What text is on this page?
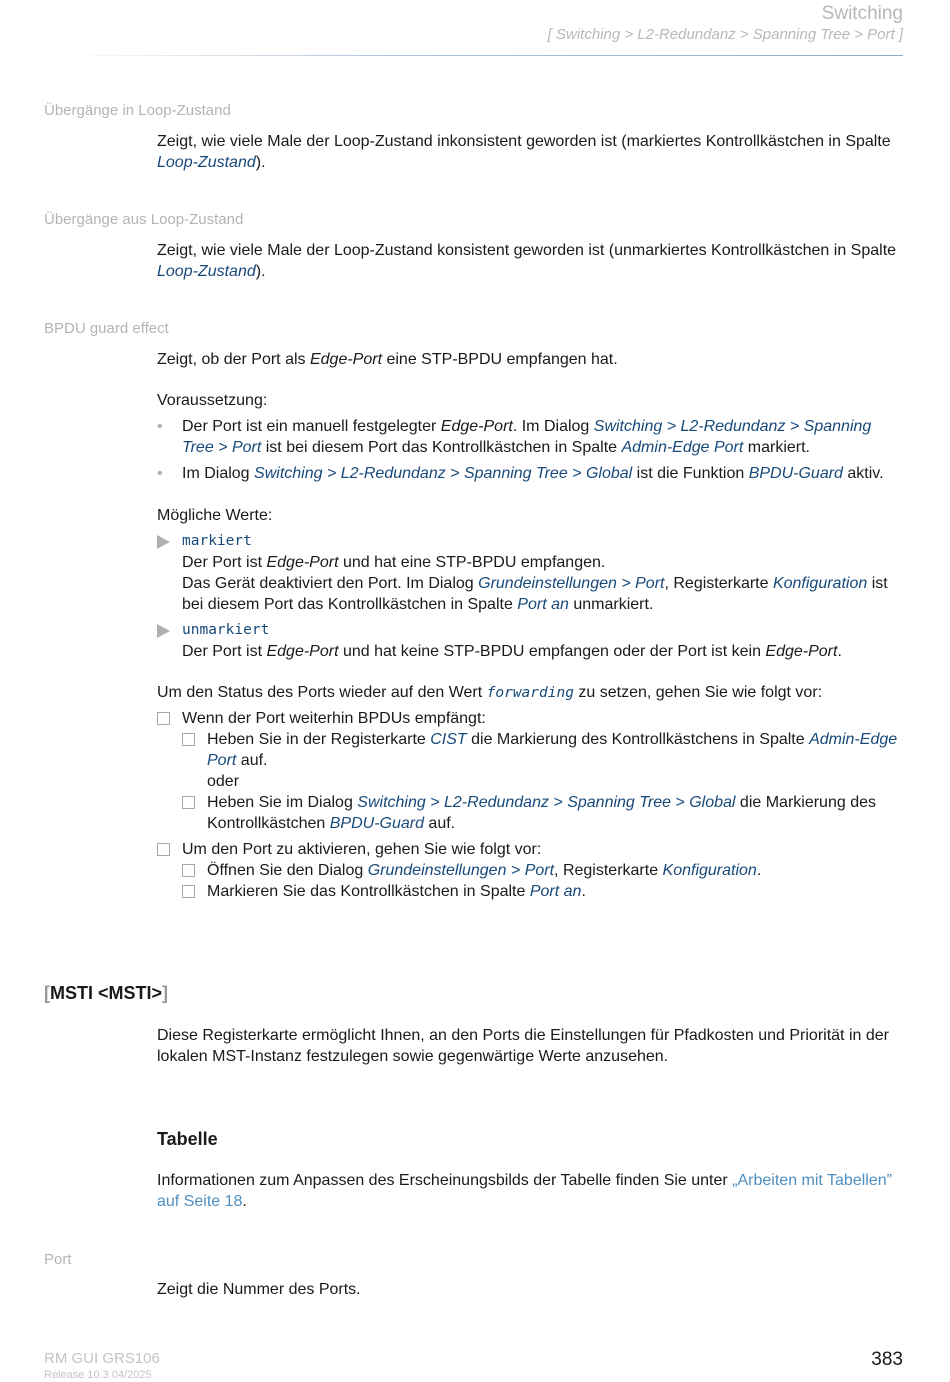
Switching
[ Switching > L2-Redundanz > Spanning Tree > Port ]
Übergänge in Loop-Zustand
Zeigt, wie viele Male der Loop-Zustand inkonsistent geworden ist (markiertes Kontrollkästchen in Spalte Loop-Zustand).
Übergänge aus Loop-Zustand
Zeigt, wie viele Male der Loop-Zustand konsistent geworden ist (unmarkiertes Kontrollkästchen in Spalte Loop-Zustand).
BPDU guard effect
Zeigt, ob der Port als Edge-Port eine STP-BPDU empfangen hat.
Voraussetzung:
• Der Port ist ein manuell festgelegter Edge-Port. Im Dialog Switching > L2-Redundanz > Spanning Tree > Port ist bei diesem Port das Kontrollkästchen in Spalte Admin-Edge Port markiert.
• Im Dialog Switching > L2-Redundanz > Spanning Tree > Global ist die Funktion BPDU-Guard aktiv.
Mögliche Werte:
markiert
Der Port ist Edge-Port und hat eine STP-BPDU empfangen.
Das Gerät deaktiviert den Port. Im Dialog Grundeinstellungen > Port, Registerkarte Konfiguration ist bei diesem Port das Kontrollkästchen in Spalte Port an unmarkiert.
unmarkiert
Der Port ist Edge-Port und hat keine STP-BPDU empfangen oder der Port ist kein Edge-Port.
Um den Status des Ports wieder auf den Wert forwarding zu setzen, gehen Sie wie folgt vor:
Wenn der Port weiterhin BPDUs empfängt:
Heben Sie in der Registerkarte CIST die Markierung des Kontrollkästchens in Spalte Admin-Edge Port auf.
oder
Heben Sie im Dialog Switching > L2-Redundanz > Spanning Tree > Global die Markierung des Kontrollkästchen BPDU-Guard auf.
Um den Port zu aktivieren, gehen Sie wie folgt vor:
Öffnen Sie den Dialog Grundeinstellungen > Port, Registerkarte Konfiguration.
Markieren Sie das Kontrollkästchen in Spalte Port an.
[MSTI <MSTI>]
Diese Registerkarte ermöglicht Ihnen, an den Ports die Einstellungen für Pfadkosten und Priorität in der lokalen MST-Instanz festzulegen sowie gegenwärtige Werte anzusehen.
Tabelle
Informationen zum Anpassen des Erscheinungsbilds der Tabelle finden Sie unter „Arbeiten mit Tabellen” auf Seite 18.
Port
Zeigt die Nummer des Ports.
RM GUI GRS106
Release 10.3 04/2025
383
